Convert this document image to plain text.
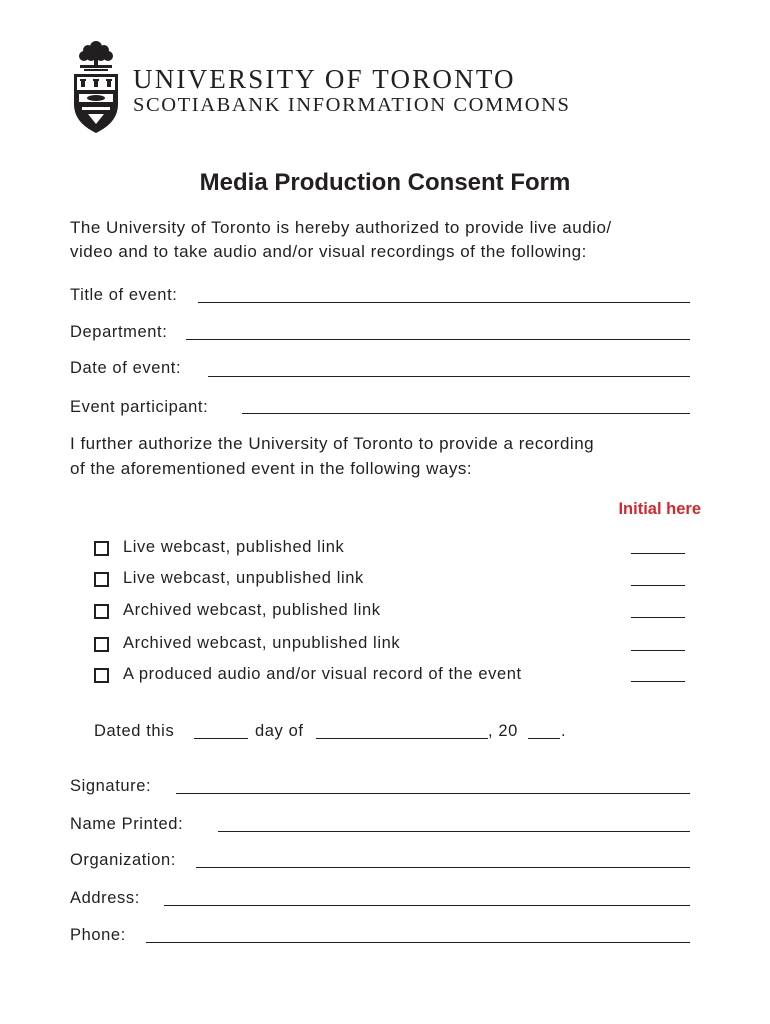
UNIVERSITY OF TORONTO
SCOTIABANK INFORMATION COMMONS
Media Production Consent Form
The University of Toronto is hereby authorized to provide live audio/
video and to take audio and/or visual recordings of the following:
Title of event:
Department:
Date of event:
Event participant:
I further authorize the University of Toronto to provide a recording
of the aforementioned event in the following ways:
Initial here
Live webcast, published link
Live webcast, unpublished link
Archived webcast, published link
Archived webcast, unpublished link
A produced audio and/or visual record of the event
Dated this	day of	, 20	.
Signature:
Name Printed:
Organization:
Address:
Phone:
